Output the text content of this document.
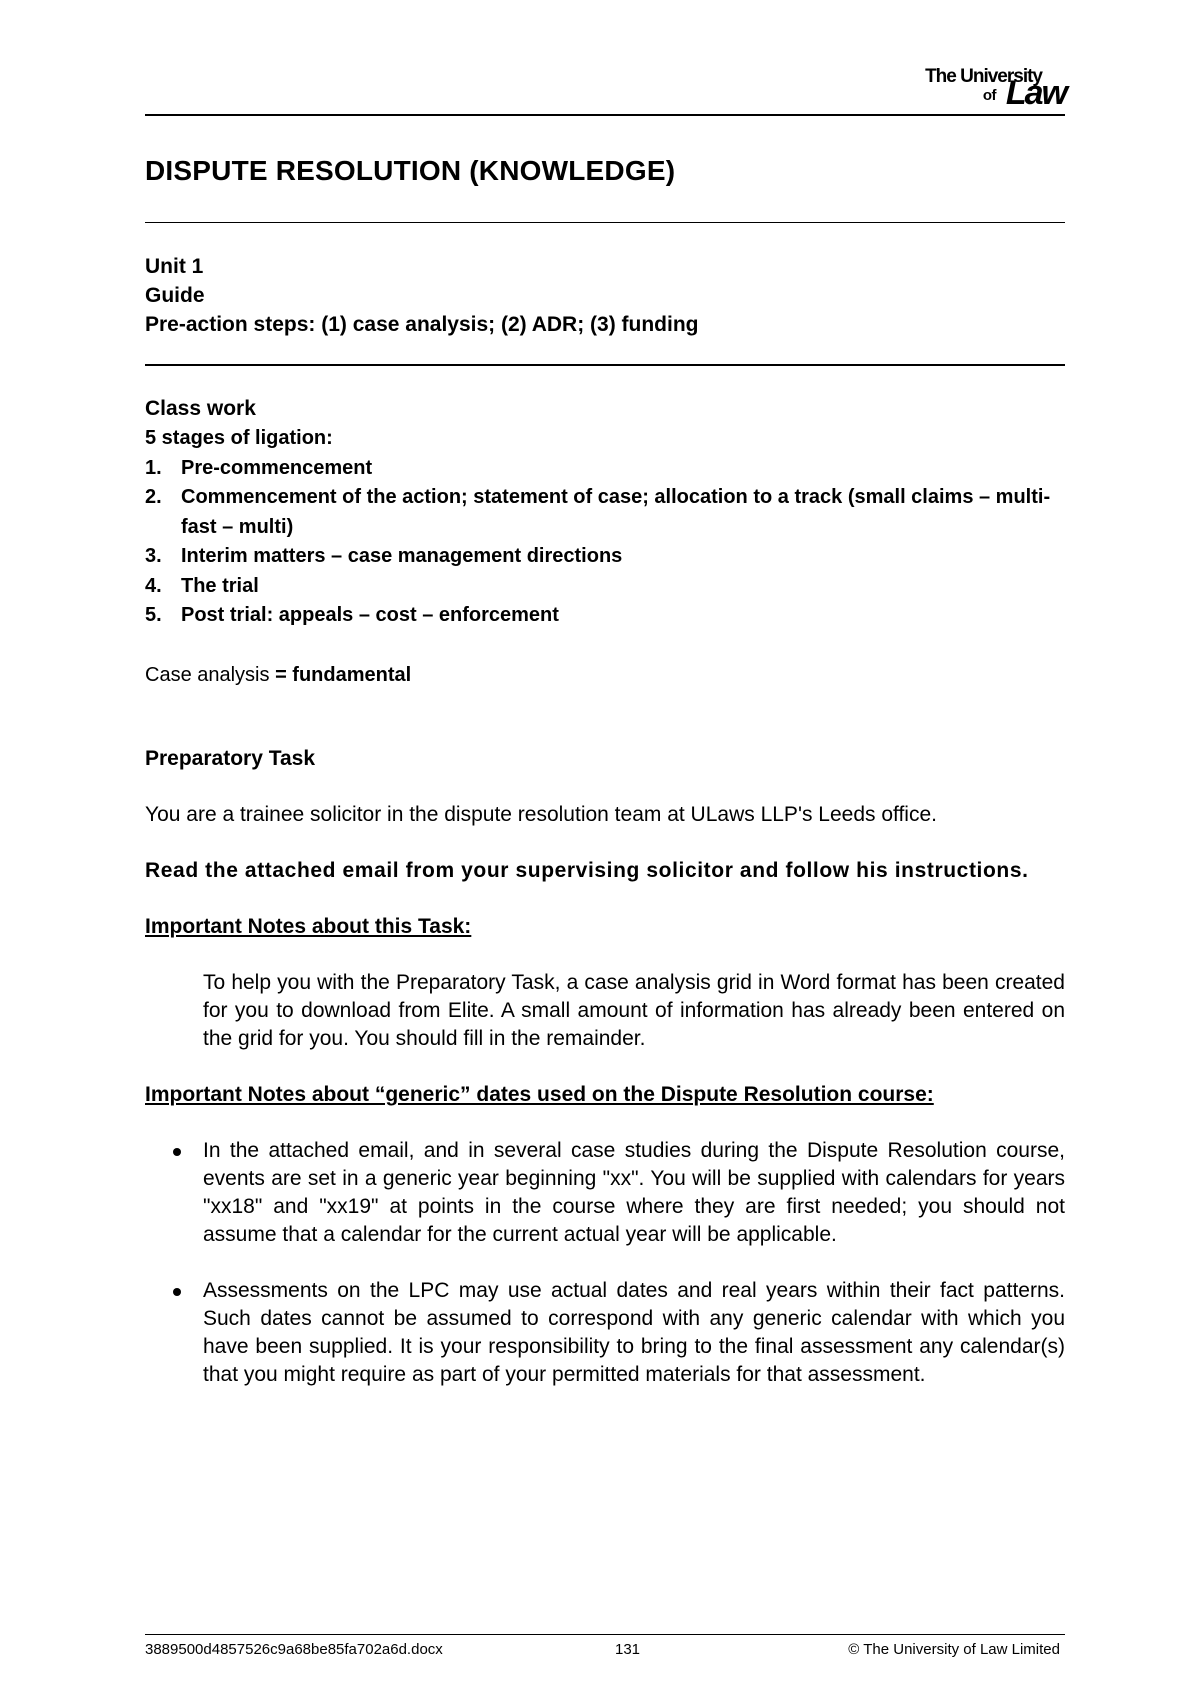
The University
of Law
DISPUTE RESOLUTION (KNOWLEDGE)
Unit 1
Guide
Pre-action steps: (1) case analysis; (2) ADR; (3) funding
Class work
5 stages of ligation:
1. Pre-commencement
2. Commencement of the action; statement of case; allocation to a track (small claims – multi-fast – multi)
3. Interim matters – case management directions
4. The trial
5. Post trial: appeals – cost – enforcement
Case analysis = fundamental
Preparatory Task

You are a trainee solicitor in the dispute resolution team at ULaws LLP's Leeds office.

Read the attached email from your supervising solicitor and follow his instructions.

Important Notes about this Task:

To help you with the Preparatory Task, a case analysis grid in Word format has been created for you to download from Elite. A small amount of information has already been entered on the grid for you. You should fill in the remainder.

Important Notes about “generic” dates used on the Dispute Resolution course:

In the attached email, and in several case studies during the Dispute Resolution course, events are set in a generic year beginning "xx". You will be supplied with calendars for years "xx18" and "xx19" at points in the course where they are first needed; you should not assume that a calendar for the current actual year will be applicable.
Assessments on the LPC may use actual dates and real years within their fact patterns. Such dates cannot be assumed to correspond with any generic calendar with which you have been supplied. It is your responsibility to bring to the final assessment any calendar(s) that you might require as part of your permitted materials for that assessment.
3889500d4857526c9a68be85fa702a6d.docx	131	© The University of Law Limited
